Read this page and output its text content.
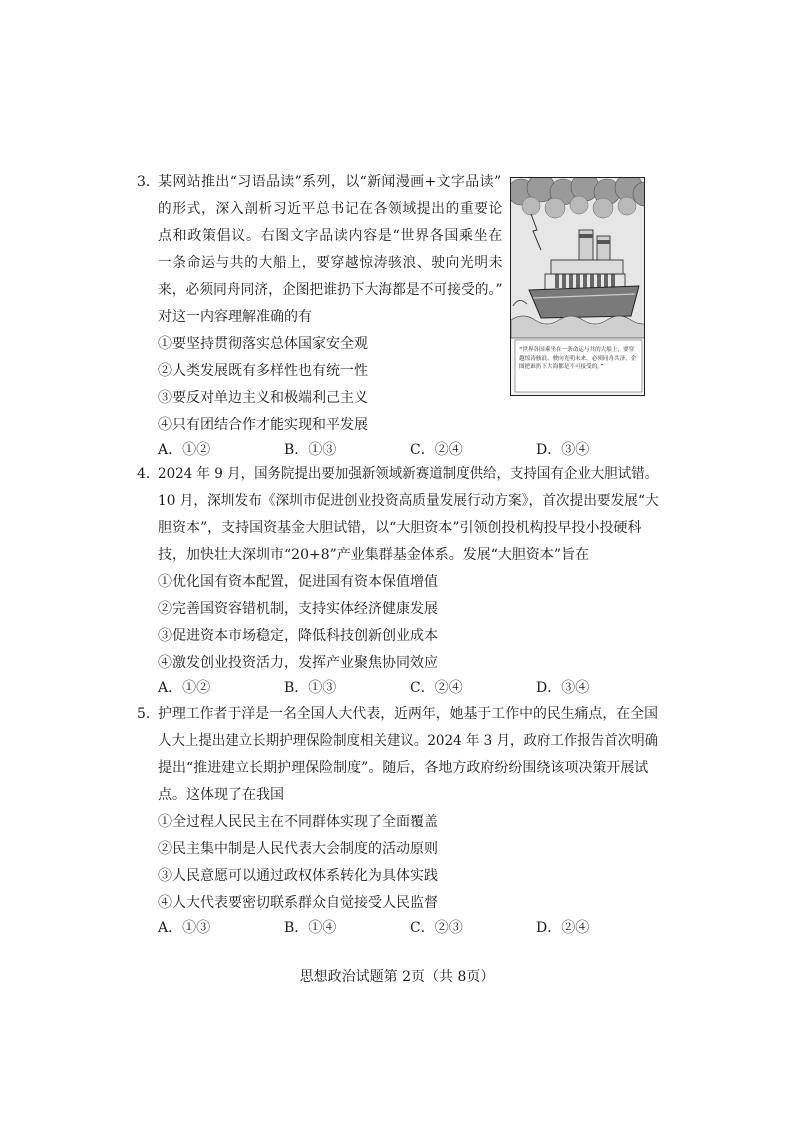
3．
某网站推出“习语品读”系列，以“新闻漫画+文字品读”
的形式，深入剖析习近平总书记在各领域提出的重要论
点和政策倡议。右图文字品读内容是“世界各国乘坐在
一条命运与共的大船上，要穿越惊涛骇浪、驶向光明未
来，必须同舟同济，企图把谁扔下大海都是不可接受的。”
对这一内容理解准确的有
①要坚持贯彻落实总体国家安全观
②人类发展既有多样性也有统一性
③要反对单边主义和极端利己主义
④只有团结合作才能实现和平发展
A．①②	B．①③	C．②④	D．③④
“世界各国乘坐在一条命运与共的大船上，要穿越惊涛骇浪、驶向光明未来，必须同舟共济，企图把谁扔下大海都是不可接受的。”
4．
2024 年 9 月，国务院提出要加强新领域新赛道制度供给，支持国有企业大胆试错。
10 月，深圳发布《深圳市促进创业投资高质量发展行动方案》，首次提出要发展“大
胆资本”，支持国资基金大胆试错，以“大胆资本”引领创投机构投早投小投硬科
技，加快壮大深圳市“20+8”产业集群基金体系。发展“大胆资本”旨在
①优化国有资本配置，促进国有资本保值增值
②完善国资容错机制，支持实体经济健康发展
③促进资本市场稳定，降低科技创新创业成本
④激发创业投资活力，发挥产业聚焦协同效应
A．①②	B．①③	C．②④	D．③④
5．
护理工作者于洋是一名全国人大代表，近两年，她基于工作中的民生痛点，在全国
人大上提出建立长期护理保险制度相关建议。2024 年 3 月，政府工作报告首次明确
提出“推进建立长期护理保险制度”。随后，各地方政府纷纷围绕该项决策开展试
点。这体现了在我国
①全过程人民民主在不同群体实现了全面覆盖
②民主集中制是人民代表大会制度的活动原则
③人民意愿可以通过政权体系转化为具体实践
④人大代表要密切联系群众自觉接受人民监督
A．①③	B．①④	C．②③	D．②④
思想政治试题第 2页（共 8页）
